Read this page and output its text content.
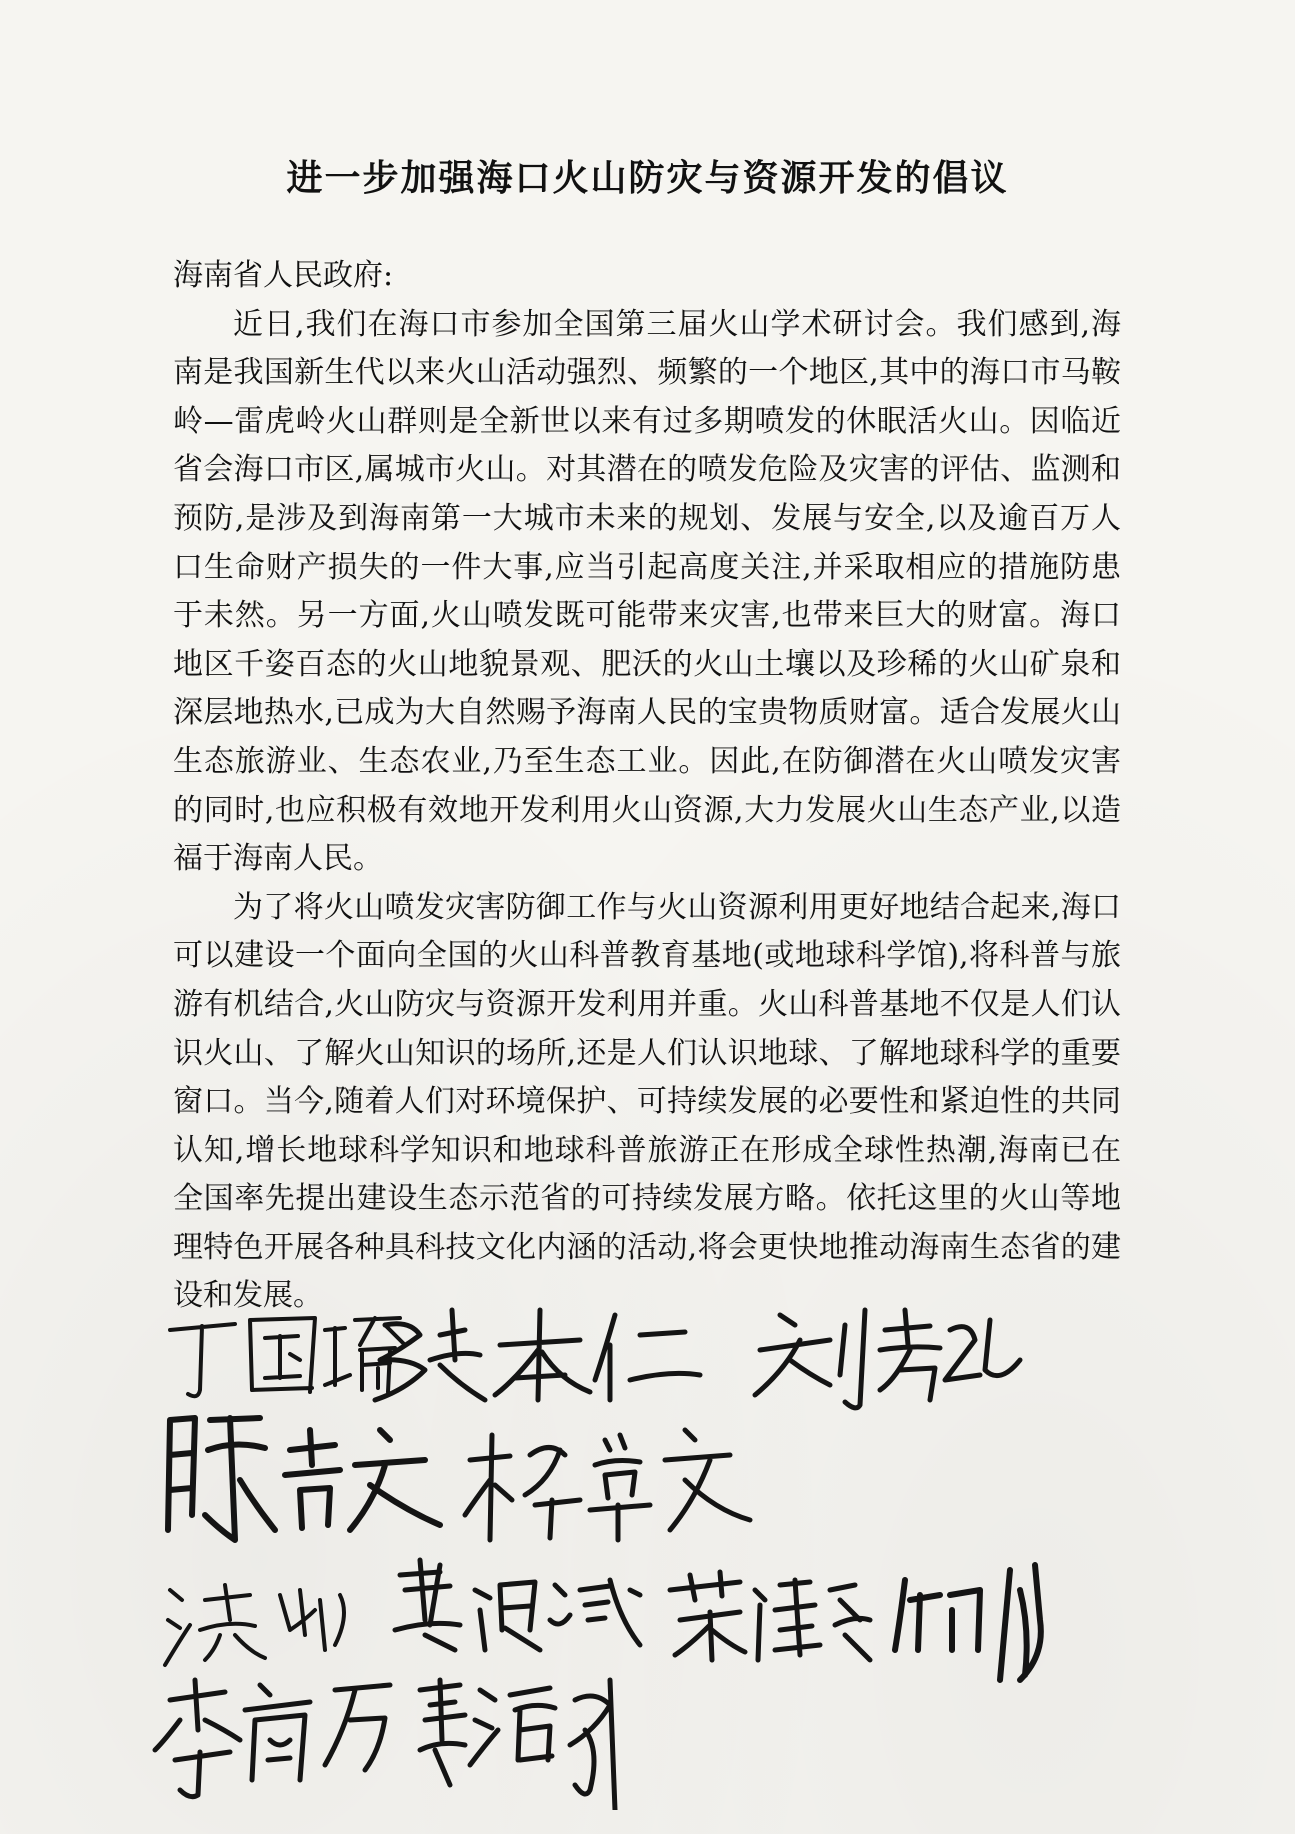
进一步加强海口火山防灾与资源开发的倡议

海南省人民政府:

近日,我们在海口市参加全国第三届火山学术研讨会。我们感到,海南是我国新生代以来火山活动强烈、频繁的一个地区,其中的海口市马鞍岭—雷虎岭火山群则是全新世以来有过多期喷发的休眠活火山。因临近省会海口市区,属城市火山。对其潜在的喷发危险及灾害的评估、监测和预防,是涉及到海南第一大城市未来的规划、发展与安全,以及逾百万人口生命财产损失的一件大事,应当引起高度关注,并采取相应的措施防患于未然。另一方面,火山喷发既可能带来灾害,也带来巨大的财富。海口地区千姿百态的火山地貌景观、肥沃的火山土壤以及珍稀的火山矿泉和深层地热水,已成为大自然赐予海南人民的宝贵物质财富。适合发展火山生态旅游业、生态农业,乃至生态工业。因此,在防御潜在火山喷发灾害的同时,也应积极有效地开发利用火山资源,大力发展火山生态产业,以造福于海南人民。

为了将火山喷发灾害防御工作与火山资源利用更好地结合起来,海口可以建设一个面向全国的火山科普教育基地(或地球科学馆),将科普与旅游有机结合,火山防灾与资源开发利用并重。火山科普基地不仅是人们认识火山、了解火山知识的场所,还是人们认识地球、了解地球科学的重要窗口。当今,随着人们对环境保护、可持续发展的必要性和紧迫性的共同认知,增长地球科学知识和地球科普旅游正在形成全球性热潮,海南已在全国率先提出建设生态示范省的可持续发展方略。依托这里的火山等地理特色开展各种具科技文化内涵的活动,将会更快地推动海南生态省的建设和发展。
